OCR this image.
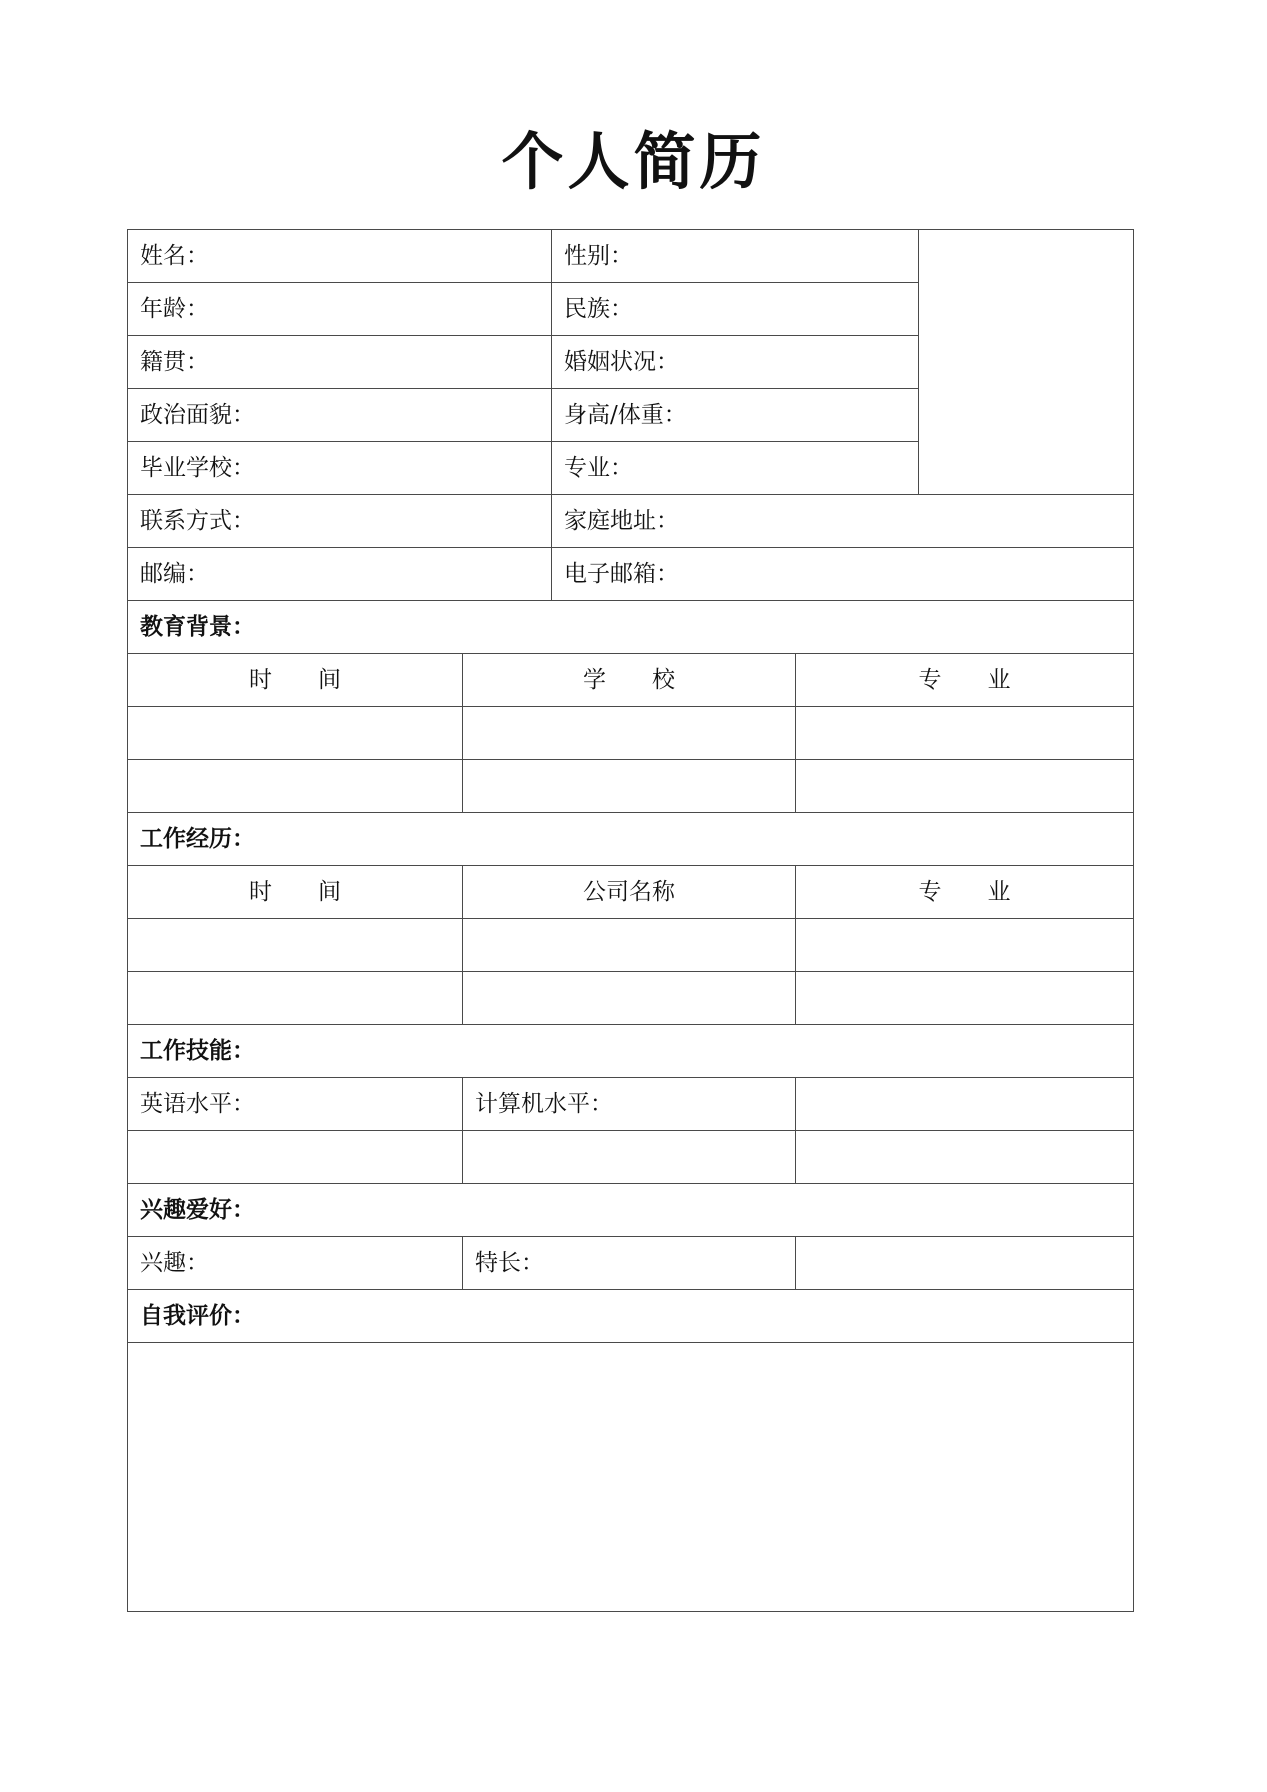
个人简历
姓名：		性别：		
年龄：		民族：		
籍贯：		婚姻状况：		
政治面貌：		身高/体重：		
毕业学校：		专业：		
联系方式：		家庭地址：		
邮编：		电子邮箱：		
教育背景：				
时　　间	学　　校		专　　业	

工作经历：				
时　　间	公司名称		专　　业	

工作技能：				
英语水平：	计算机水平：			

兴趣爱好：				
兴趣：	特长：			
自我评价：				
